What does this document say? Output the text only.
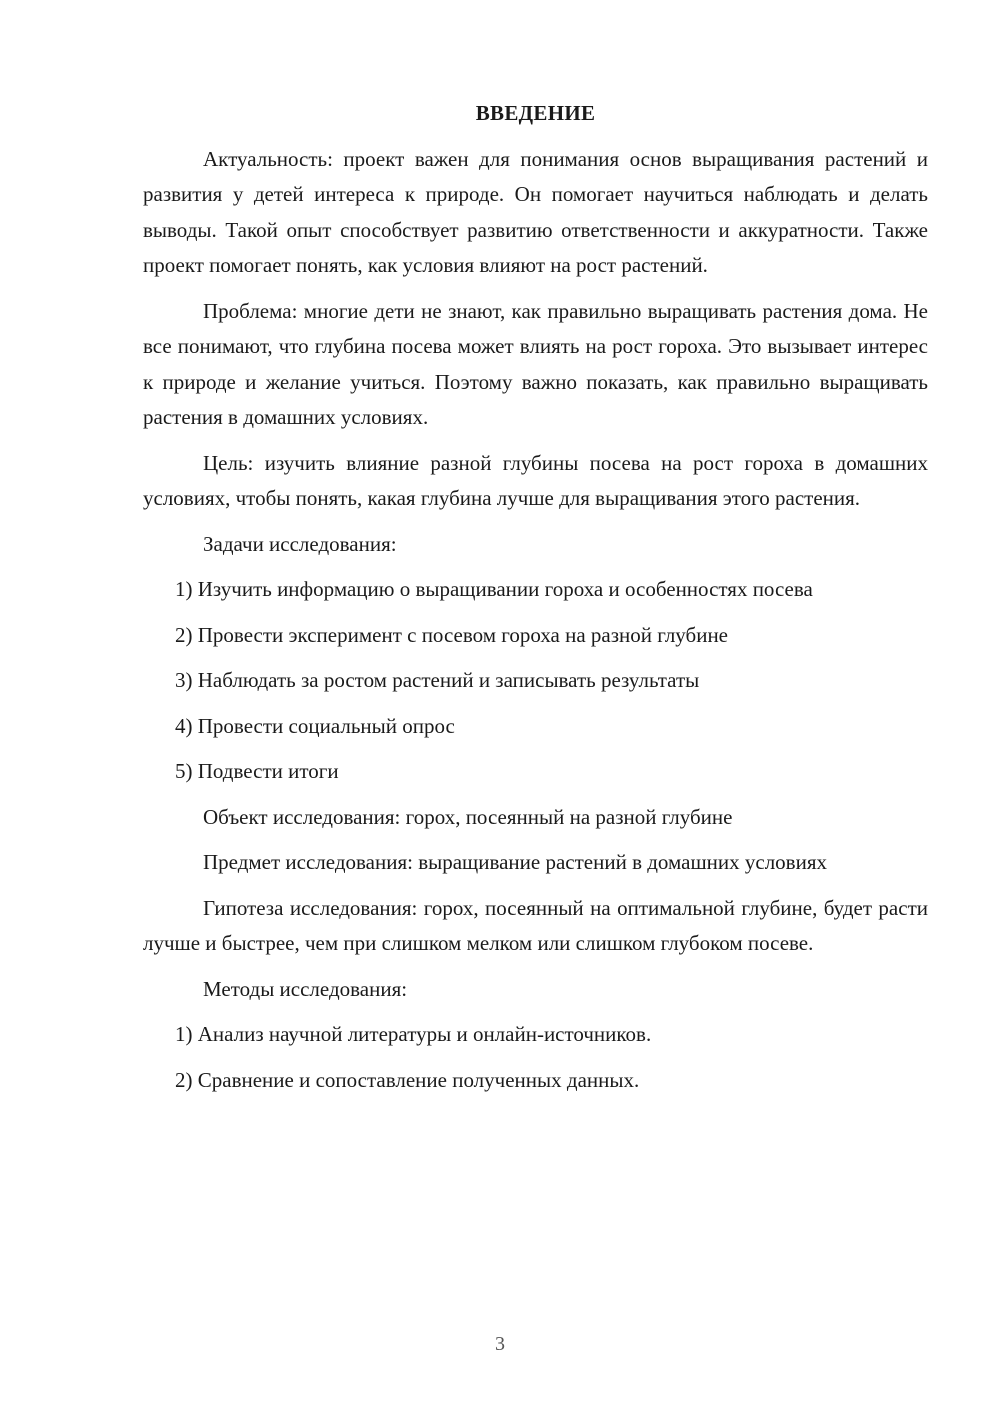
ВВЕДЕНИЕ

Актуальность: проект важен для понимания основ выращивания растений и развития у детей интереса к природе. Он помогает научиться наблюдать и делать выводы. Такой опыт способствует развитию ответственности и аккуратности. Также проект помогает понять, как условия влияют на рост растений.

Проблема: многие дети не знают, как правильно выращивать растения дома. Не все понимают, что глубина посева может влиять на рост гороха. Это вызывает интерес к природе и желание учиться. Поэтому важно показать, как правильно выращивать растения в домашних условиях.

Цель: изучить влияние разной глубины посева на рост гороха в домашних условиях, чтобы понять, какая глубина лучше для выращивания этого растения.

Задачи исследования:

1) Изучить информацию о выращивании гороха и особенностях посева

2) Провести эксперимент с посевом гороха на разной глубине

3) Наблюдать за ростом растений и записывать результаты

4) Провести социальный опрос

5) Подвести итоги

Объект исследования: горох, посеянный на разной глубине

Предмет исследования: выращивание растений в домашних условиях

Гипотеза исследования: горох, посеянный на оптимальной глубине, будет расти лучше и быстрее, чем при слишком мелком или слишком глубоком посеве.

Методы исследования:

1) Анализ научной литературы и онлайн-источников.

2) Сравнение и сопоставление полученных данных.

3
